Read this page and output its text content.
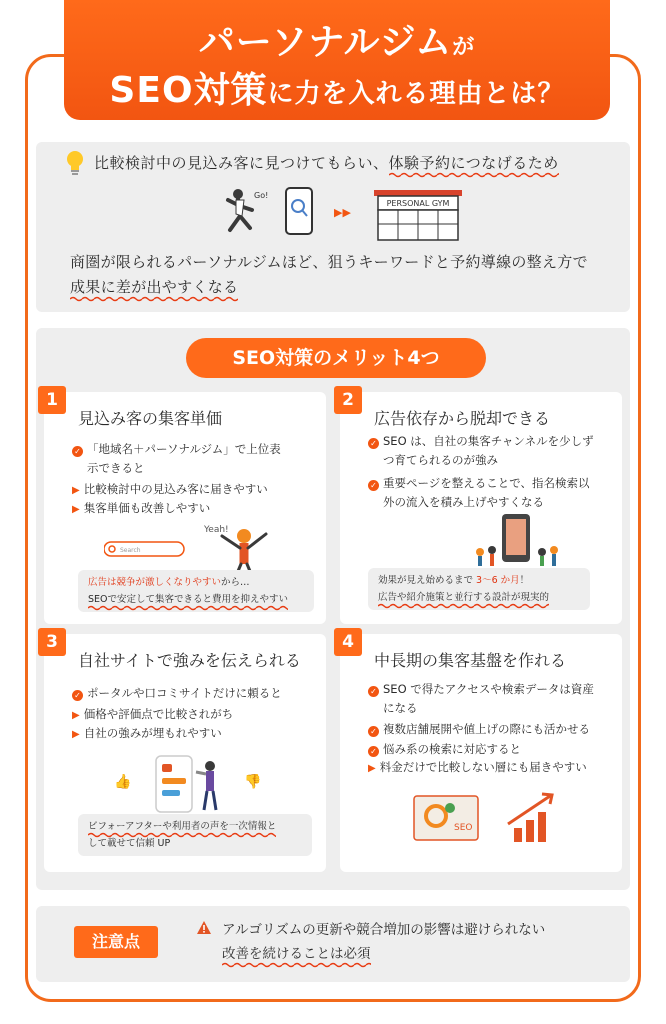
パーソナルジムが
SEO対策に力を入れる理由とは？
比較検討中の見込み客に見つけてもらい、体験予約につなげるため
Go!
▶▶
PERSONAL GYM
商圏が限られるパーソナルジムほど、狙うキーワードと予約導線の整え方で
成果に差が出やすくなる
SEO対策のメリット4つ
1
見込み客の集客単価
✓ 「地域名＋パーソナルジム」で上位表
示できると
▶ 比較検討中の見込み客に届きやすい
▶ 集客単価も改善しやすい
Search
Yeah!
広告は競争が激しくなりやすいから…
SEOで安定して集客できると費用を抑えやすい
2
広告依存から脱却できる
✓ SEO は、自社の集客チャンネルを少しず
つ育てられるのが強み
✓ 重要ページを整えることで、指名検索以
外の流入を積み上げやすくなる
効果が見え始めるまで 3〜6 か月！
広告や紹介施策と並行する設計が現実的
3
自社サイトで強みを伝えられる
✓ ポータルや口コミサイトだけに頼ると
▶ 価格や評価点で比較されがち
▶ 自社の強みが埋もれやすい
👍	👎
ビフォーアフターや利用者の声を一次情報と
して載せて信頼 UP
4
中長期の集客基盤を作れる
✓ SEO で得たアクセスや検索データは資産
になる
✓ 複数店舗展開や値上げの際にも活かせる
✓ 悩み系の検索に対応すると
▶ 料金だけで比較しない層にも届きやすい
SEO
注意点
アルゴリズムの更新や競合増加の影響は避けられない
改善を続けることは必須
